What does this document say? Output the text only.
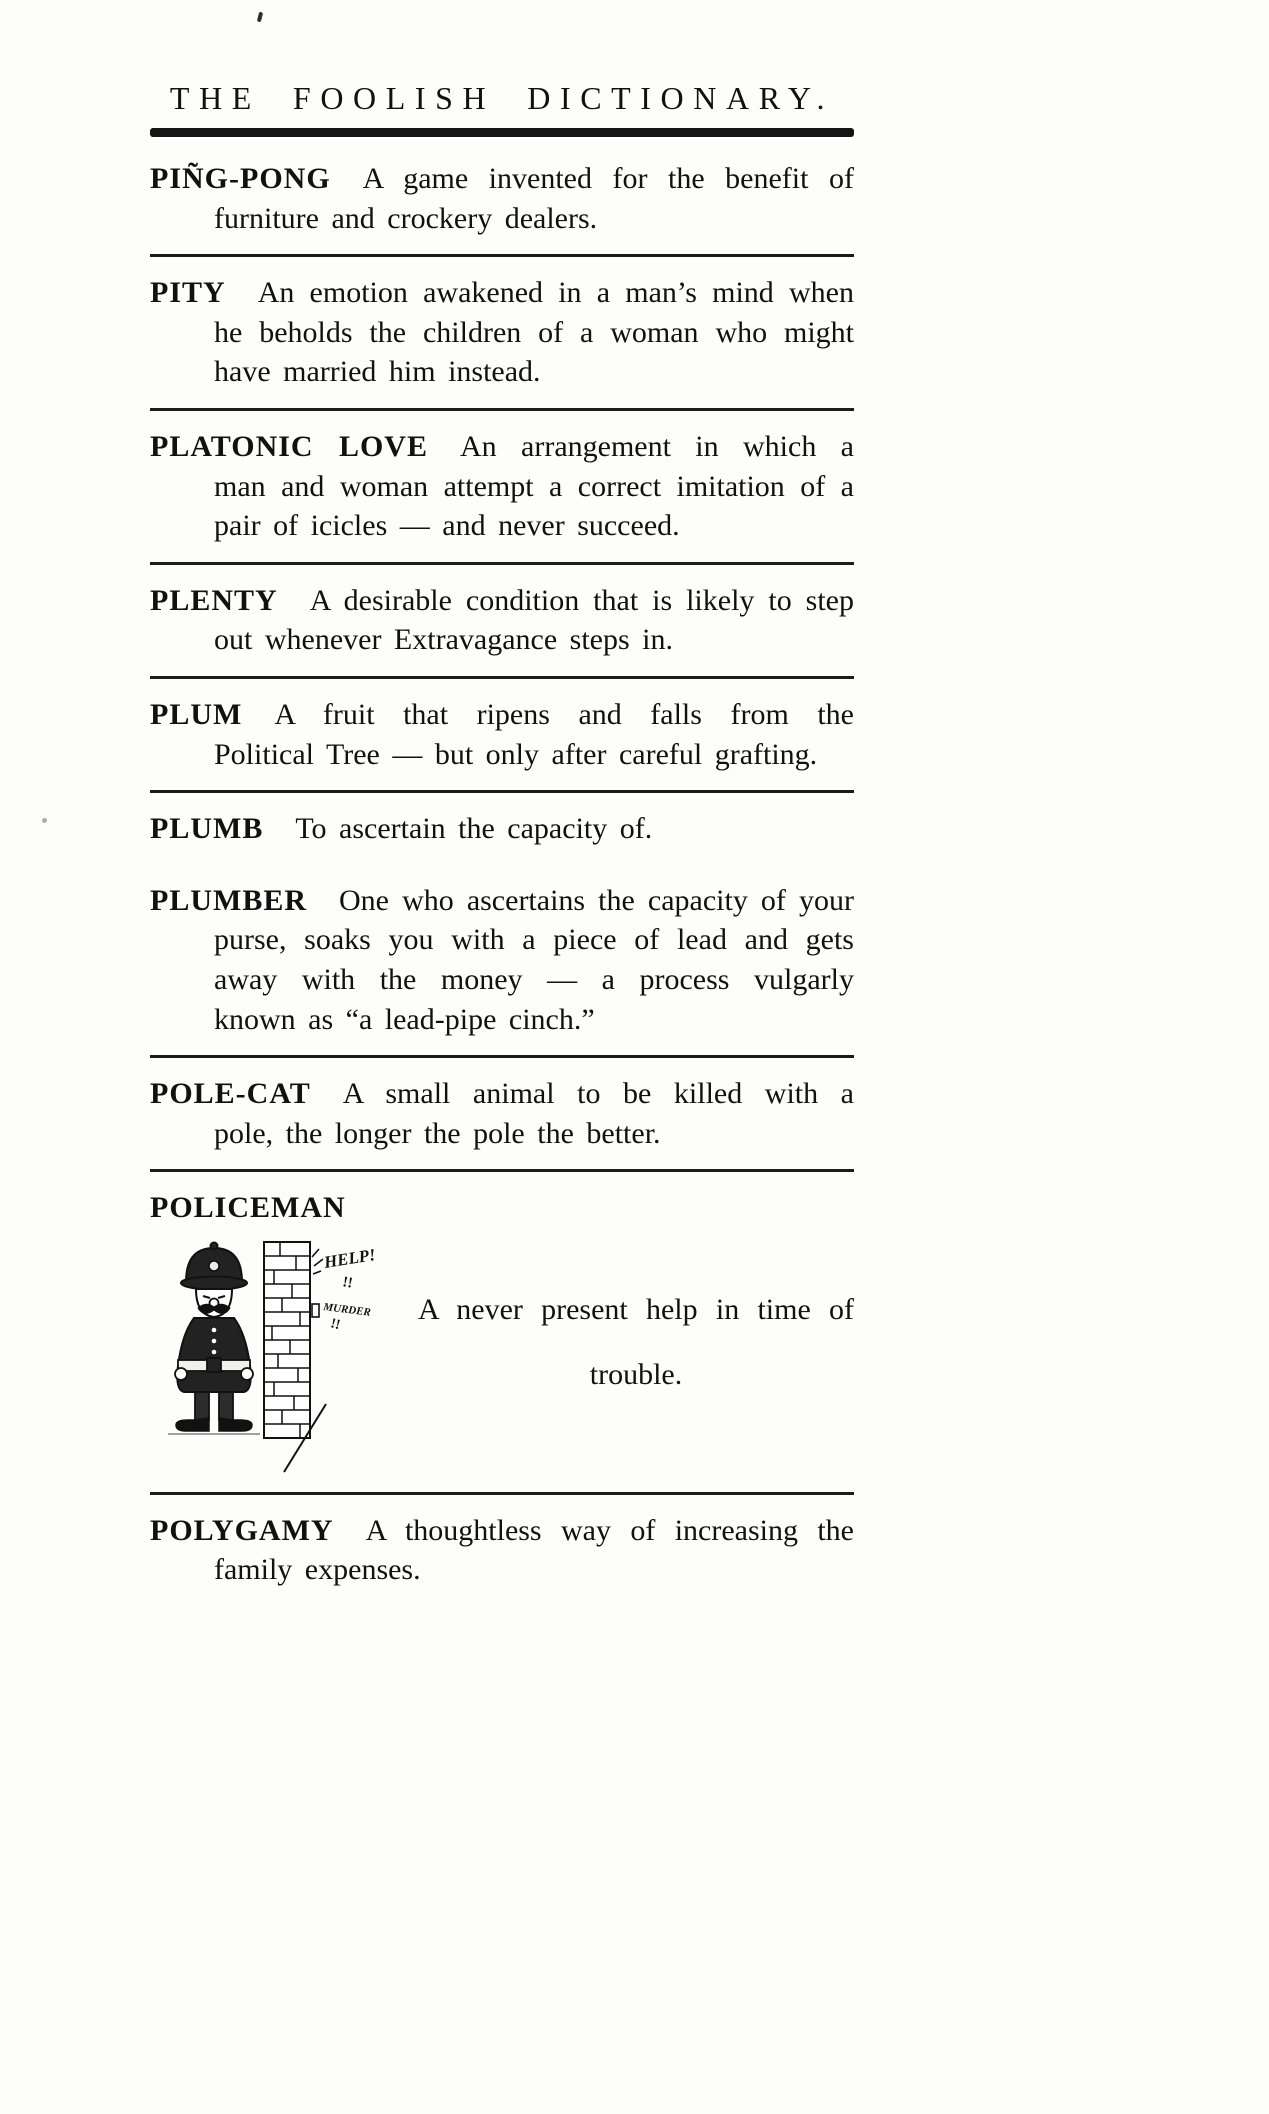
THE FOOLISH DICTIONARY.

PIÑG-PONG A game invented for the benefit of furniture and crockery dealers.

PITY An emotion awakened in a man’s mind when he beholds the children of a woman who might have married him instead.

PLATONIC LOVE An arrangement in which a man and woman attempt a correct imitation of a pair of icicles — and never succeed.

PLENTY A desirable condition that is likely to step out whenever Extravagance steps in.

PLUM A fruit that ripens and falls from the Political Tree — but only after careful grafting.

PLUMB To ascertain the capacity of.

PLUMBER One who ascertains the capacity of your purse, soaks you with a piece of lead and gets away with the money — a process vulgarly known as “a lead-pipe cinch.”

POLE-CAT A small animal to be killed with a pole, the longer the pole the better.

POLICEMAN

HELP!
!!
MURDER
!!	A never present help in time of
trouble.

POLYGAMY A thoughtless way of increasing the family expenses.
